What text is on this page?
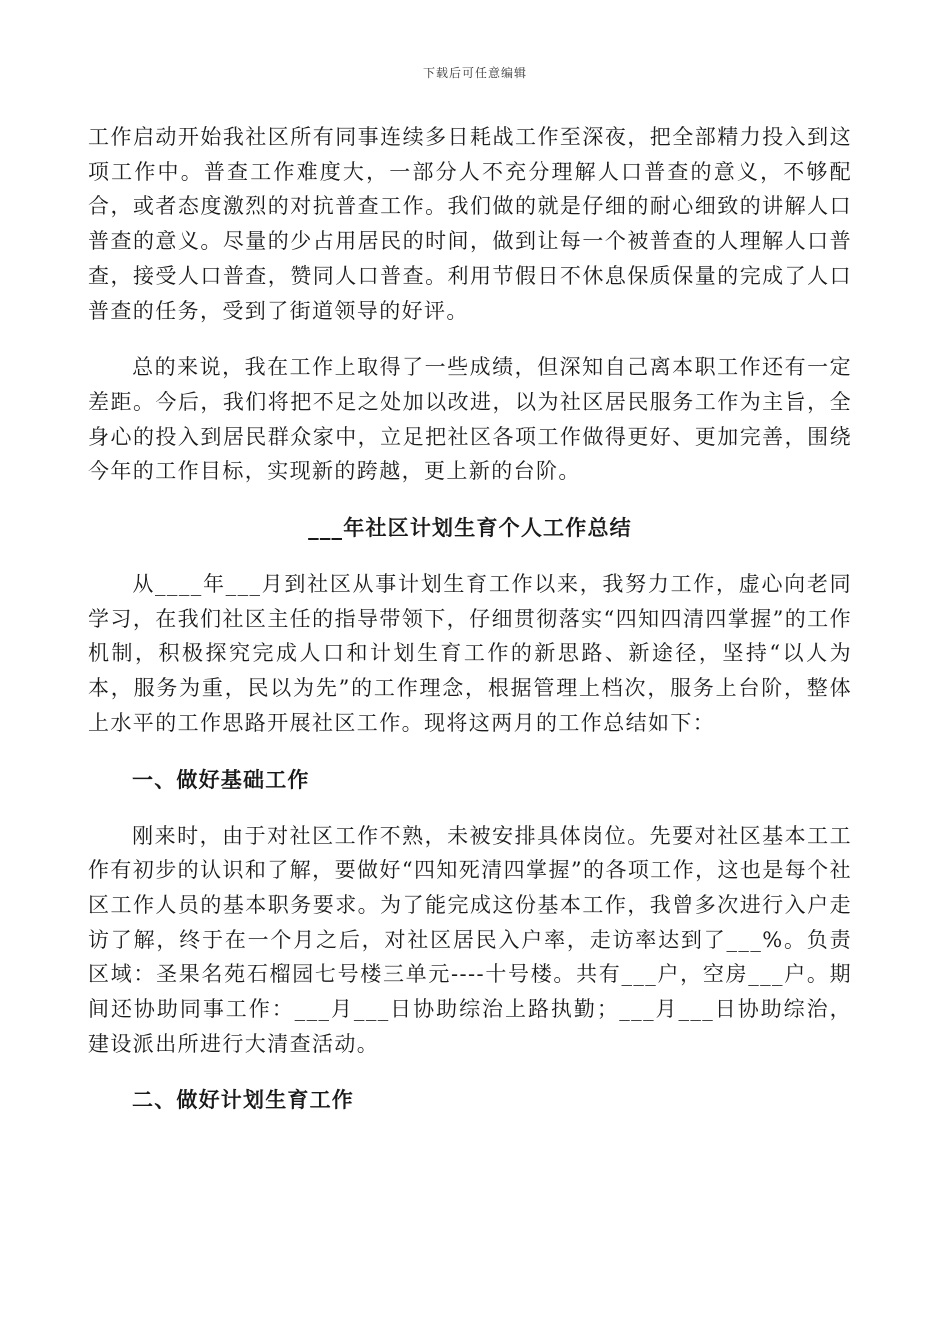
下载后可任意编辑

工作启动开始我社区所有同事连续多日耗战工作至深夜，把全部精力投入到这项工作中。普查工作难度大，一部分人不充分理解人口普查的意义，不够配合，或者态度激烈的对抗普查工作。我们做的就是仔细的耐心细致的讲解人口普查的意义。尽量的少占用居民的时间，做到让每一个被普查的人理解人口普查，接受人口普查，赞同人口普查。利用节假日不休息保质保量的完成了人口普查的任务，受到了街道领导的好评。

总的来说，我在工作上取得了一些成绩，但深知自己离本职工作还有一定差距。今后，我们将把不足之处加以改进，以为社区居民服务工作为主旨，全身心的投入到居民群众家中，立足把社区各项工作做得更好、更加完善，围绕今年的工作目标，实现新的跨越，更上新的台阶。

___年社区计划生育个人工作总结

从____年___月到社区从事计划生育工作以来，我努力工作，虚心向老同学习，在我们社区主任的指导带领下，仔细贯彻落实“四知四清四掌握”的工作机制，积极探究完成人口和计划生育工作的新思路、新途径，坚持“以人为本，服务为重，民以为先”的工作理念，根据管理上档次，服务上台阶，整体上水平的工作思路开展社区工作。现将这两月的工作总结如下：

一、做好基础工作

刚来时，由于对社区工作不熟，未被安排具体岗位。先要对社区基本工工作有初步的认识和了解，要做好“四知死清四掌握”的各项工作，这也是每个社区工作人员的基本职务要求。为了能完成这份基本工作，我曾多次进行入户走访了解，终于在一个月之后，对社区居民入户率，走访率达到了___%。负责区域：圣果名苑石榴园七号楼三单元----十号楼。共有___户，空房___户。期间还协助同事工作：___月___日协助综治上路执勤；___月___日协助综治，建设派出所进行大清查活动。

二、做好计划生育工作
